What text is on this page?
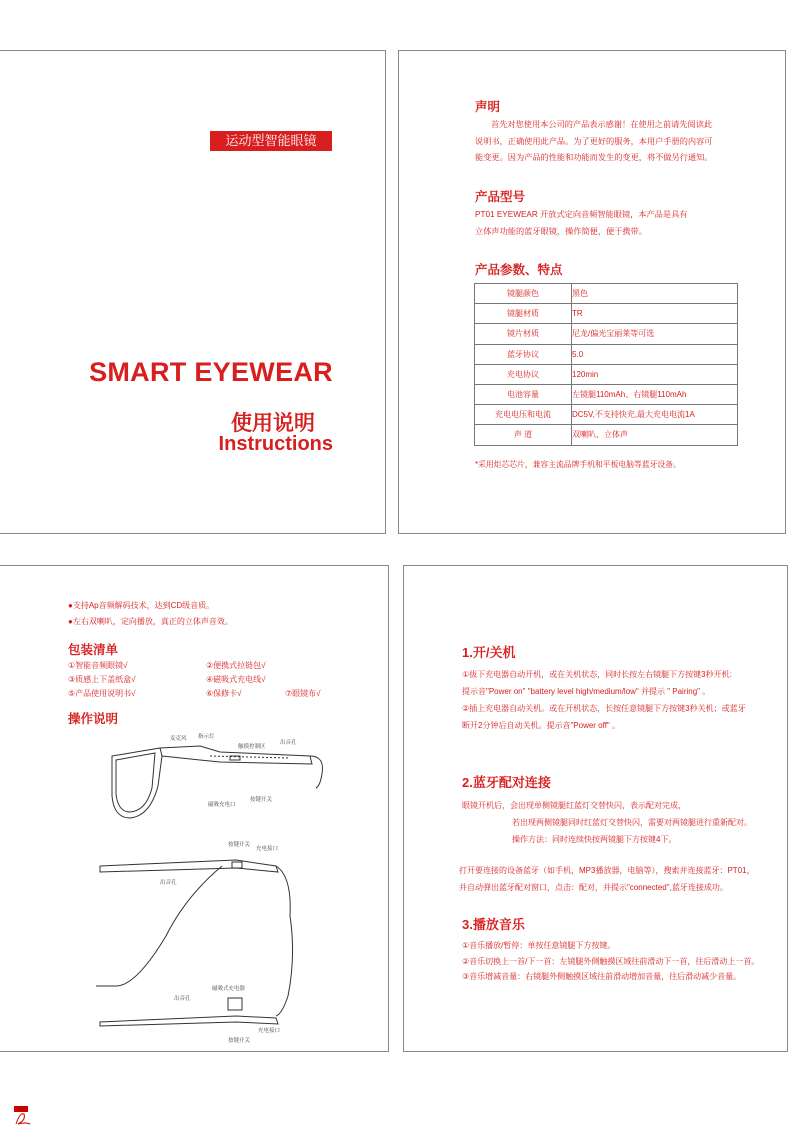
运动型智能眼镜
SMART EYEWEAR
使用说明
Instructions
声明
首先对您使用本公司的产品表示感谢！在使用之前请先阅读此
说明书，正确使用此产品。为了更好的服务，本用户手册的内容可
能变更。因为产品的性能和功能而发生的变更，将不做另行通知。
产品型号
PT01 EYEWEAR 开放式定向音频智能眼镜，本产品是具有
立体声功能的蓝牙眼镜，操作简便，便于携带。
产品参数、特点
镜腿颜色	黑色
镜腿材质	TR
镜片材质	尼龙/偏光宝丽莱等可选
蓝牙协议	5.0
充电协议	120min
电池容量	左镜腿110mAh、右镜腿110mAh
充电电压和电流	DC5V,不支持快充,最大充电电流1A
声 道	双喇叭、立体声
*采用炬芯芯片，兼容主流品牌手机和平板电脑等蓝牙设备。
●支持Ap音频解码技术，达到CD级音质。
●左右双喇叭，定向播放，真正的立体声音效。
包装清单
①智能音频眼镜√	②便携式拉链包√
③质感上下盖纸盒√	④磁吸式充电线√
⑤产品使用说明书√	⑥保修卡√	⑦眼镜布√
操作说明
麦克风 指示灯
触摸控制区
出音孔
磁吸充电口
按键开关
按键开关
充电接口
出音孔
出音孔
磁吸式充电器
充电接口
按键开关
1.开/关机
①拔下充电器自动开机，或在关机状态，同时长按左右镜腿下方按键3秒开机:
提示音"Power on" "battery level high/medium/low" 并提示 " Pairing" 。
②插上充电器自动关机。或在开机状态，长按任意镜腿下方按键3秒关机；或蓝牙
断开2分钟后自动关机。提示音"Power off" 。
2.蓝牙配对连接
眼镜开机后，会出现单侧镜腿红蓝灯交替快闪，表示配对完成，
若出现两侧镜腿同时红蓝灯交替快闪，需要对两镜腿进行重新配对。
操作方法：同时连续快按两镜腿下方按键4下。
打开要连接的设备蓝牙（如手机，MP3播放器，电脑等），搜索并连接蓝牙：PT01，
并自动弹出蓝牙配对窗口，点击：配对，并提示"connected",蓝牙连接成功。
3.播放音乐
①音乐播放/暂停：单按任意镜腿下方按键。
②音乐切换上一首/下一首：左镜腿外侧触摸区域往前滑动下一首，往后滑动上一首。
③音乐增减音量：右镜腿外侧触摸区域往前滑动增加音量，往后滑动减少音量。
